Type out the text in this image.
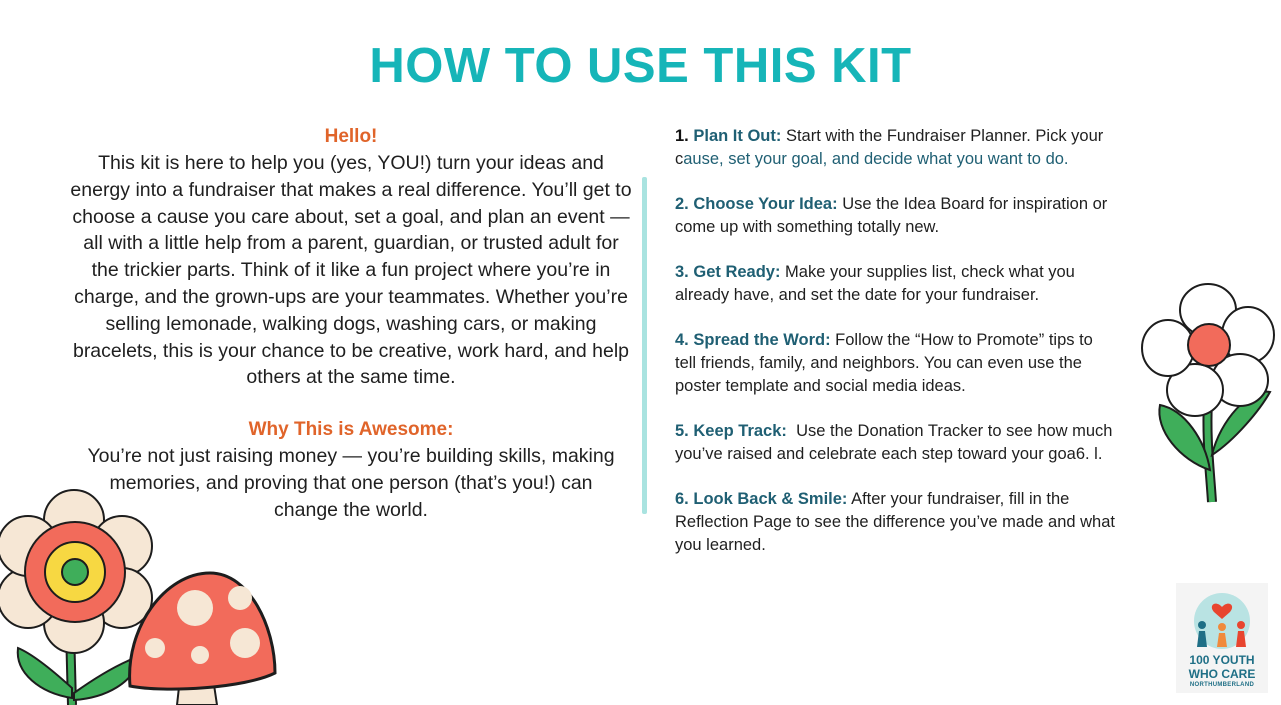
HOW TO USE THIS KIT
Hello!

This kit is here to help you (yes, YOU!) turn your ideas and energy into a fundraiser that makes a real difference. You’ll get to choose a cause you care about, set a goal, and plan an event — all with a little help from a parent, guardian, or trusted adult for the trickier parts. Think of it like a fun project where you’re in charge, and the grown-ups are your teammates. Whether you’re selling lemonade, walking dogs, washing cars, or making bracelets, this is your chance to be creative, work hard, and help others at the same time.

Why This is Awesome:

You’re not just raising money — you’re building skills, making memories, and proving that one person (that’s you!) can change the world.

1. Plan It Out: Start with the Fundraiser Planner. Pick your cause, set your goal, and decide what you want to do.

2. Choose Your Idea: Use the Idea Board for inspiration or come up with something totally new.

3. Get Ready: Make your supplies list, check what you already have, and set the date for your fundraiser.

4. Spread the Word: Follow the “How to Promote” tips to tell friends, family, and neighbors. You can even use the poster template and social media ideas.

5. Keep Track:  Use the Donation Tracker to see how much you’ve raised and celebrate each step toward your goa6. l.

6. Look Back & Smile: After your fundraiser, fill in the Reflection Page to see the difference you’ve made and what you learned.

100 YOUTH
WHO CARE
NORTHUMBERLAND
